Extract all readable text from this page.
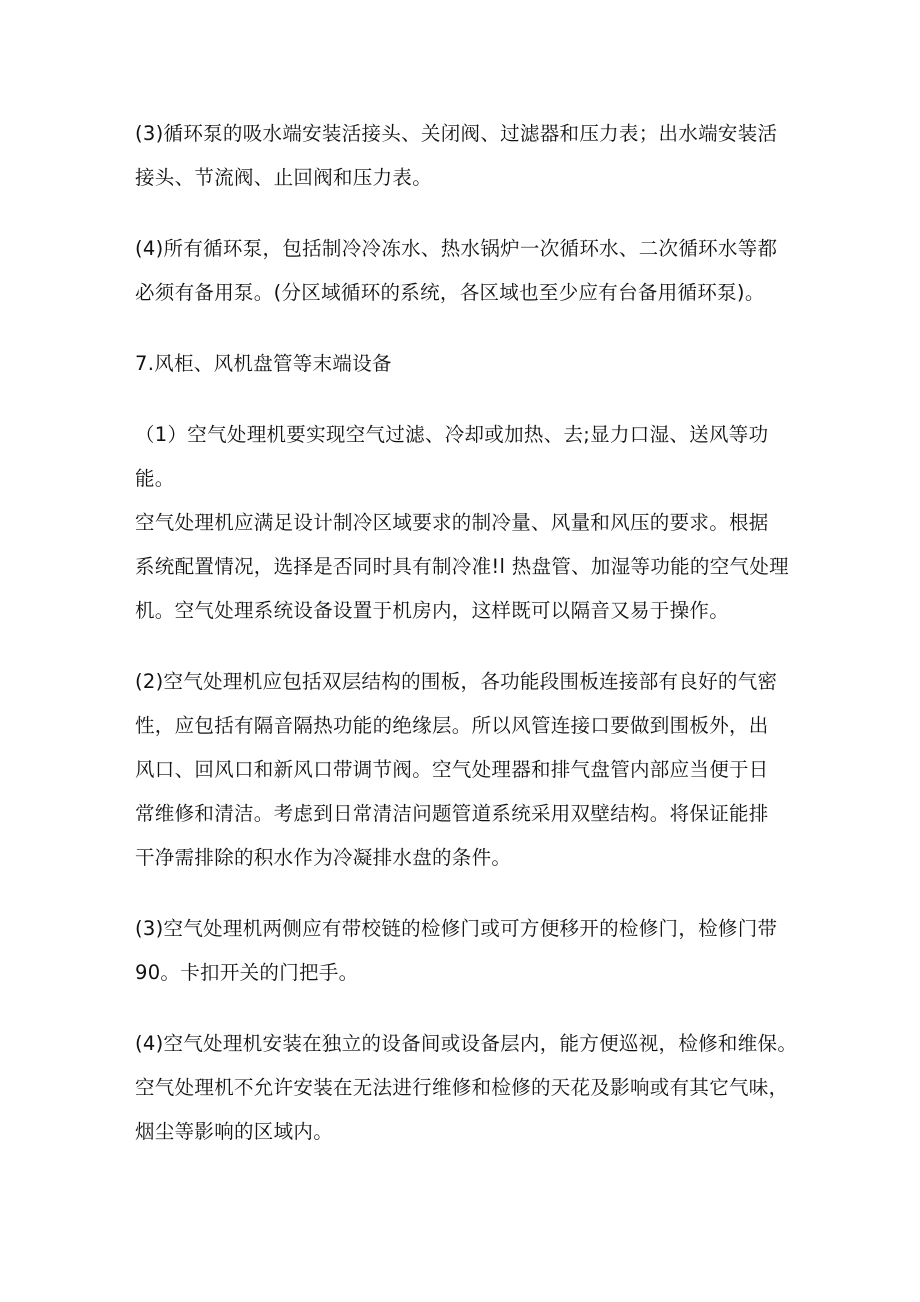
(3)循环泵的吸水端安装活接头、关闭阀、过滤器和压力表；出水端安装活
接头、节流阀、止回阀和压力表。

(4)所有循环泵，包括制冷冷冻水、热水锅炉一次循环水、二次循环水等都
必须有备用泵。(分区域循环的系统，各区域也至少应有台备用循环泵)。

7.风柜、风机盘管等末端设备

（1）空气处理机要实现空气过滤、冷却或加热、去;显力口湿、送风等功能。
空气处理机应满足设计制冷区域要求的制冷量、风量和风压的要求。根据
系统配置情况，选择是否同时具有制冷准!l 热盘管、加湿等功能的空气处理
机。空气处理系统设备设置于机房内，这样既可以隔音又易于操作。

(2)空气处理机应包括双层结构的围板，各功能段围板连接部有良好的气密
性，应包括有隔音隔热功能的绝缘层。所以风管连接口要做到围板外，出
风口、回风口和新风口带调节阀。空气处理器和排气盘管内部应当便于日
常维修和清洁。考虑到日常清洁问题管道系统采用双壁结构。将保证能排
干净需排除的积水作为冷凝排水盘的条件。

(3)空气处理机两侧应有带校链的检修门或可方便移开的检修门，检修门带
90。卡扣开关的门把手。

(4)空气处理机安装在独立的设备间或设备层内，能方便巡视，检修和维保。
空气处理机不允许安装在无法进行维修和检修的天花及影响或有其它气味，
烟尘等影响的区域内。
